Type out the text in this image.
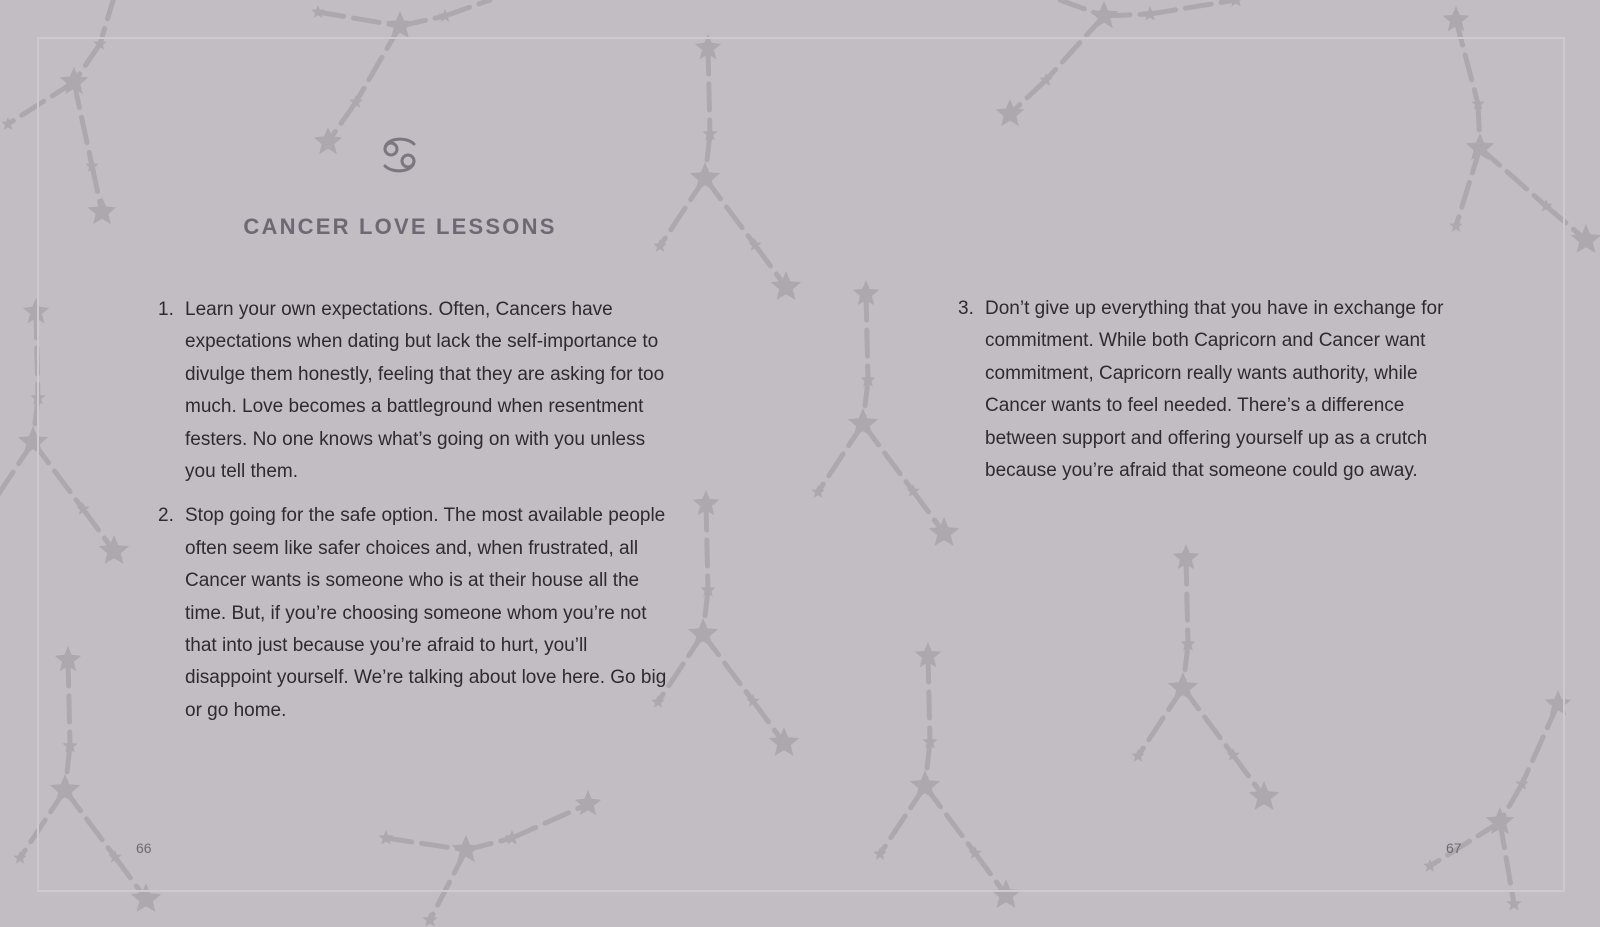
CANCER LOVE LESSONS
1. Learn your own expectations. Often, Cancers have expectations when dating but lack the self-importance to divulge them honestly, feeling that they are asking for too much. Love becomes a battleground when resentment festers. No one knows what’s going on with you unless you tell them.
2. Stop going for the safe option. The most available people often seem like safer choices and, when frustrated, all Cancer wants is someone who is at their house all the time. But, if you’re choosing someone whom you’re not that into just because you’re afraid to hurt, you’ll disappoint yourself. We’re talking about love here. Go big or go home.
3. Don’t give up everything that you have in exchange for commitment. While both Capricorn and Cancer want commitment, Capricorn really wants authority, while Cancer wants to feel needed. There’s a difference between support and offering yourself up as a crutch because you’re afraid that someone could go away.
66	67
